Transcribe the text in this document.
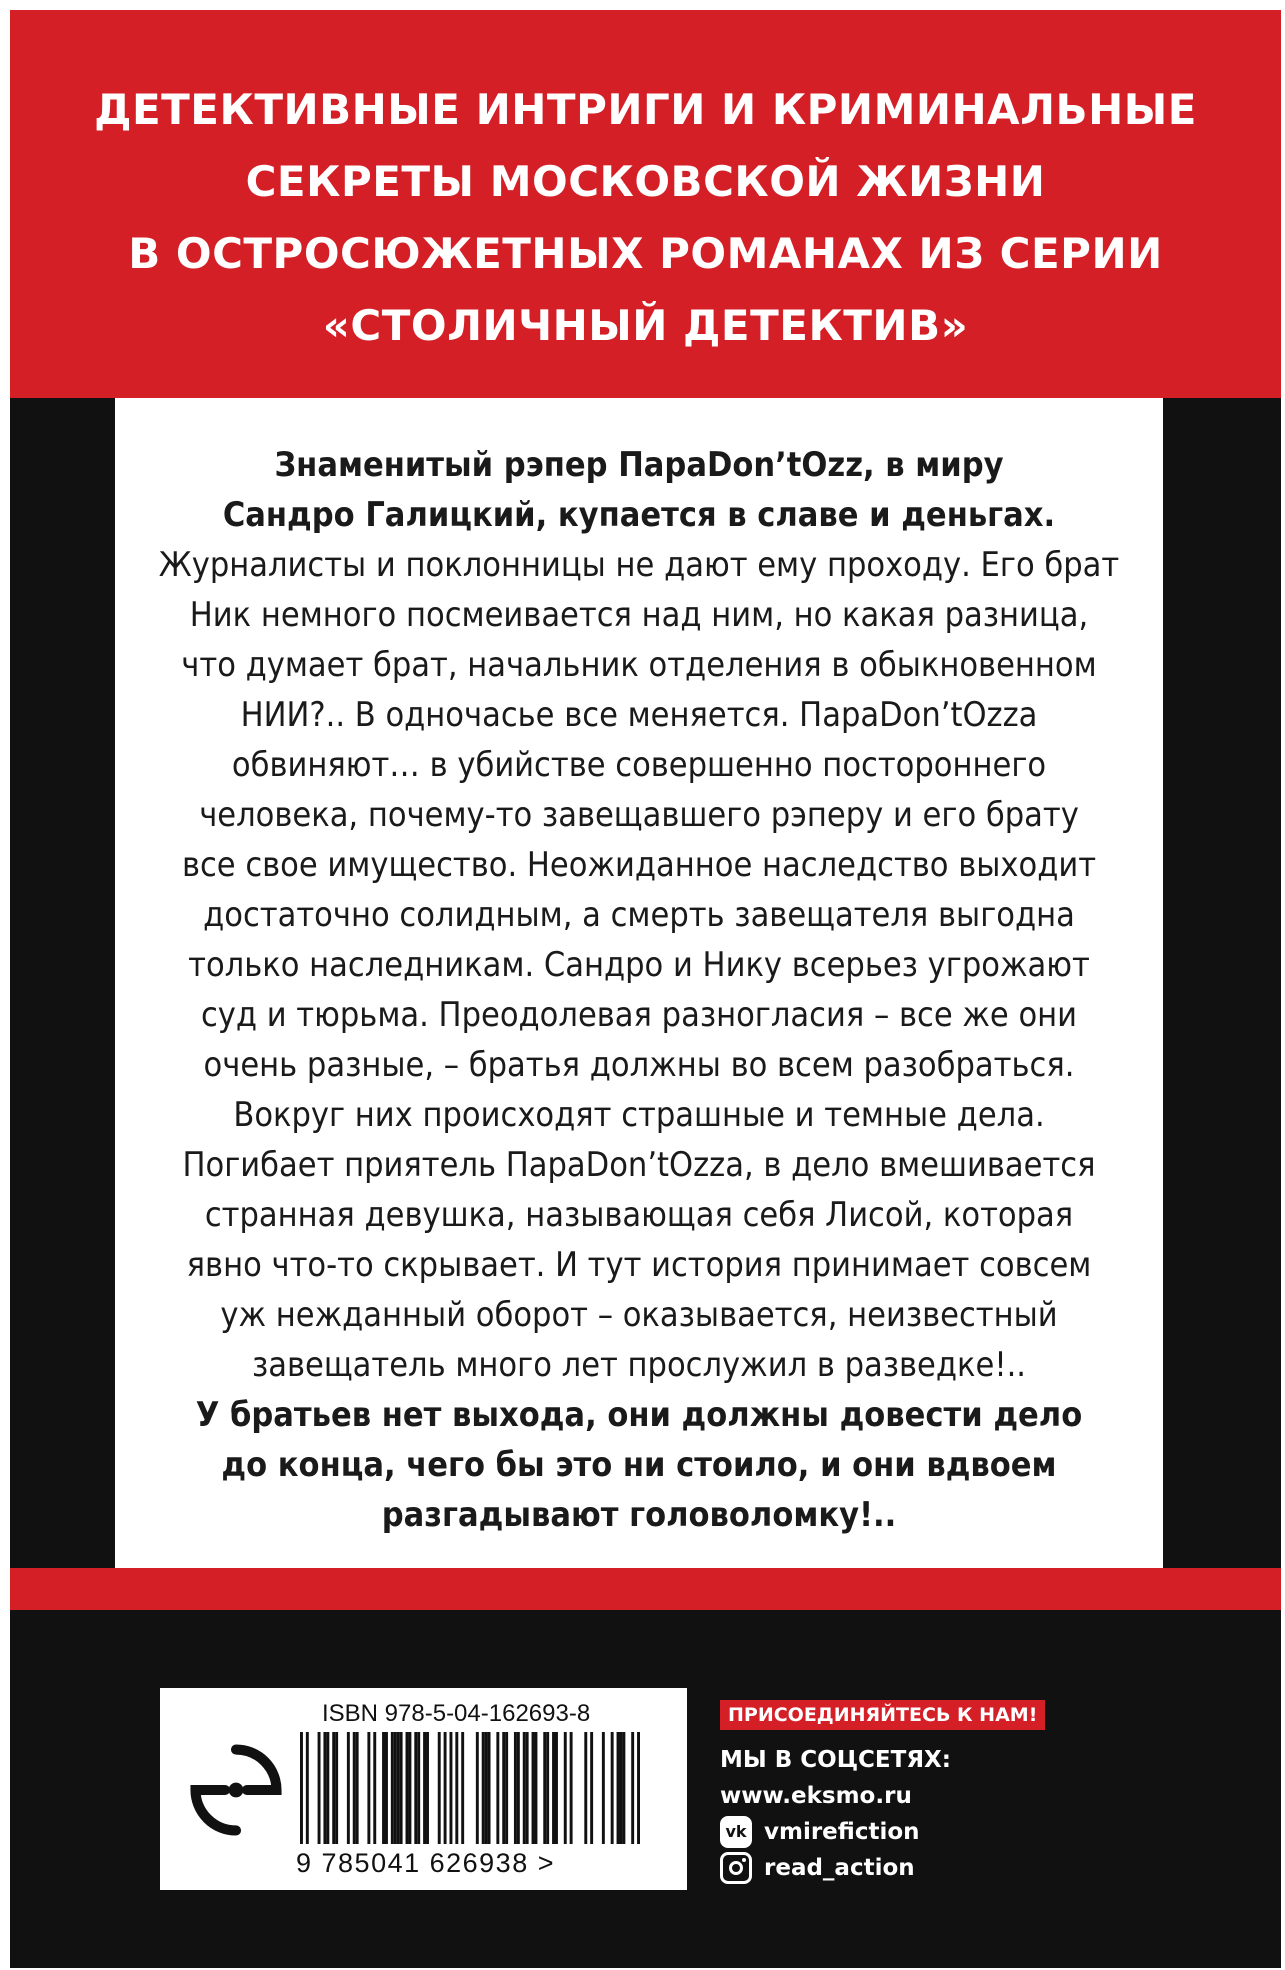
ДЕТЕКТИВНЫЕ ИНТРИГИ И КРИМИНАЛЬНЫЕ
СЕКРЕТЫ МОСКОВСКОЙ ЖИЗНИ
В ОСТРОСЮЖЕТНЫХ РОМАНАХ ИЗ СЕРИИ
«СТОЛИЧНЫЙ ДЕТЕКТИВ»
Знаменитый рэпер ПараDon’tOzz, в миру
Сандро Галицкий, купается в славе и деньгах.
Журналисты и поклонницы не дают ему проходу. Его брат
Ник немного посмеивается над ним, но какая разница,
что думает брат, начальник отделения в обыкновенном
НИИ?.. В одночасье все меняется. ПараDon’tOzza
обвиняют… в убийстве совершенно постороннего
человека, почему-то завещавшего рэперу и его брату
все свое имущество. Неожиданное наследство выходит
достаточно солидным, а смерть завещателя выгодна
только наследникам. Сандро и Нику всерьез угрожают
суд и тюрьма. Преодолевая разногласия – все же они
очень разные, – братья должны во всем разобраться.
Вокруг них происходят страшные и темные дела.
Погибает приятель ПараDon’tOzza, в дело вмешивается
странная девушка, называющая себя Лисой, которая
явно что-то скрывает. И тут история принимает совсем
уж нежданный оборот – оказывается, неизвестный
завещатель много лет прослужил в разведке!..
У братьев нет выхода, они должны довести дело
до конца, чего бы это ни стоило, и они вдвоем
разгадывают головоломку!..
ISBN 978-5-04-162693-8
9 785041 626938 >
ПРИСОЕДИНЯЙТЕСЬ К НАМ!
МЫ В СОЦСЕТЯХ:
www.eksmo.ru
vk vmirefiction
read_action
